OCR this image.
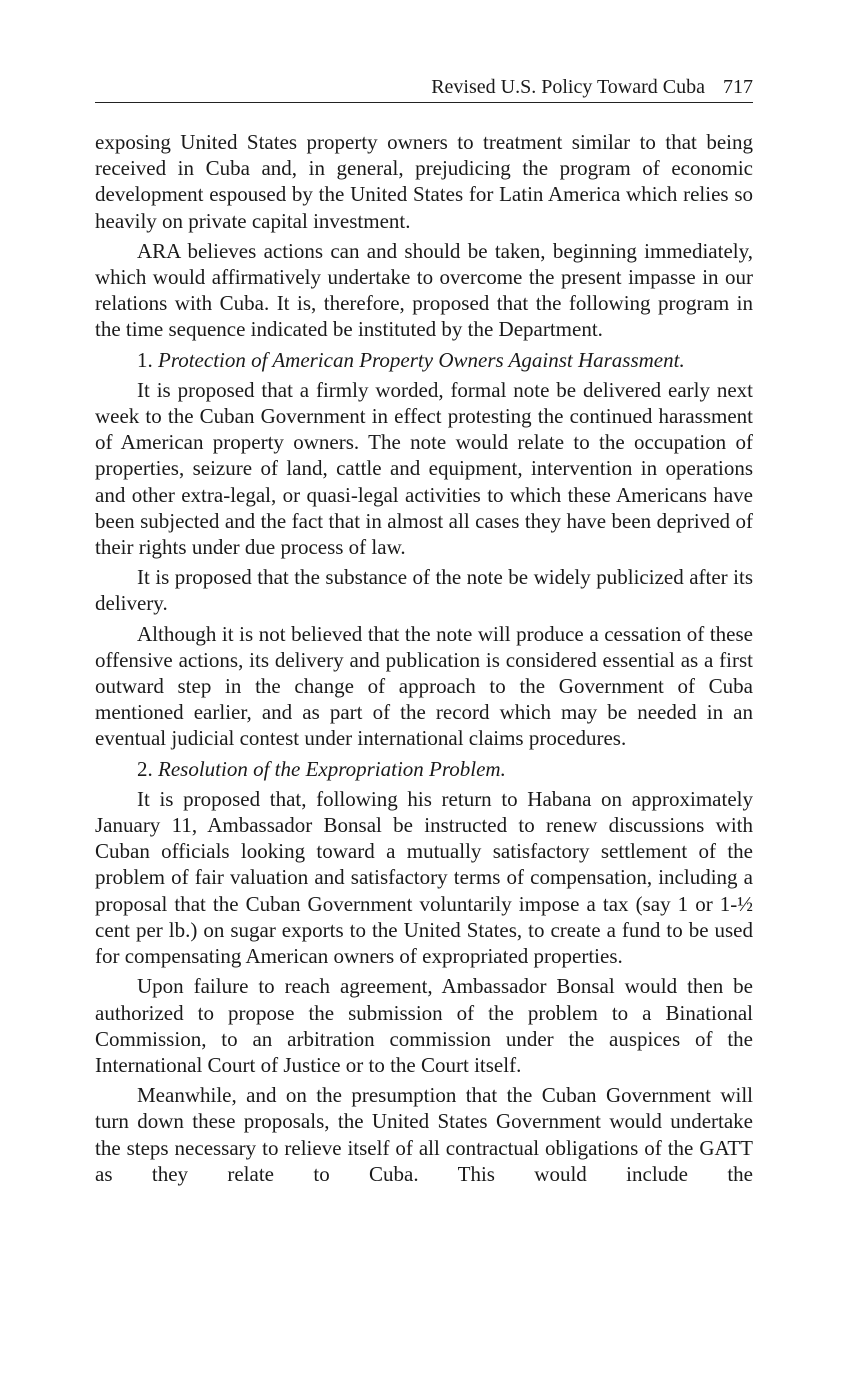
Revised U.S. Policy Toward Cuba 717

exposing United States property owners to treatment similar to that being received in Cuba and, in general, prejudicing the program of economic development espoused by the United States for Latin America which relies so heavily on private capital investment.

ARA believes actions can and should be taken, beginning immediately, which would affirmatively undertake to overcome the present impasse in our relations with Cuba. It is, therefore, proposed that the following program in the time sequence indicated be instituted by the Department.

1. Protection of American Property Owners Against Harassment.

It is proposed that a firmly worded, formal note be delivered early next week to the Cuban Government in effect protesting the continued harassment of American property owners. The note would relate to the occupation of properties, seizure of land, cattle and equipment, intervention in operations and other extra-legal, or quasi-legal activities to which these Americans have been subjected and the fact that in almost all cases they have been deprived of their rights under due process of law.

It is proposed that the substance of the note be widely publicized after its delivery.

Although it is not believed that the note will produce a cessation of these offensive actions, its delivery and publication is considered essential as a first outward step in the change of approach to the Government of Cuba mentioned earlier, and as part of the record which may be needed in an eventual judicial contest under international claims procedures.

2. Resolution of the Expropriation Problem.

It is proposed that, following his return to Habana on approximately January 11, Ambassador Bonsal be instructed to renew discussions with Cuban officials looking toward a mutually satisfactory settlement of the problem of fair valuation and satisfactory terms of compensation, including a proposal that the Cuban Government voluntarily impose a tax (say 1 or 1-½ cent per lb.) on sugar exports to the United States, to create a fund to be used for compensating American owners of expropriated properties.

Upon failure to reach agreement, Ambassador Bonsal would then be authorized to propose the submission of the problem to a Binational Commission, to an arbitration commission under the auspices of the International Court of Justice or to the Court itself.

Meanwhile, and on the presumption that the Cuban Government will turn down these proposals, the United States Government would undertake the steps necessary to relieve itself of all contractual obligations of the GATT as they relate to Cuba. This would include the
